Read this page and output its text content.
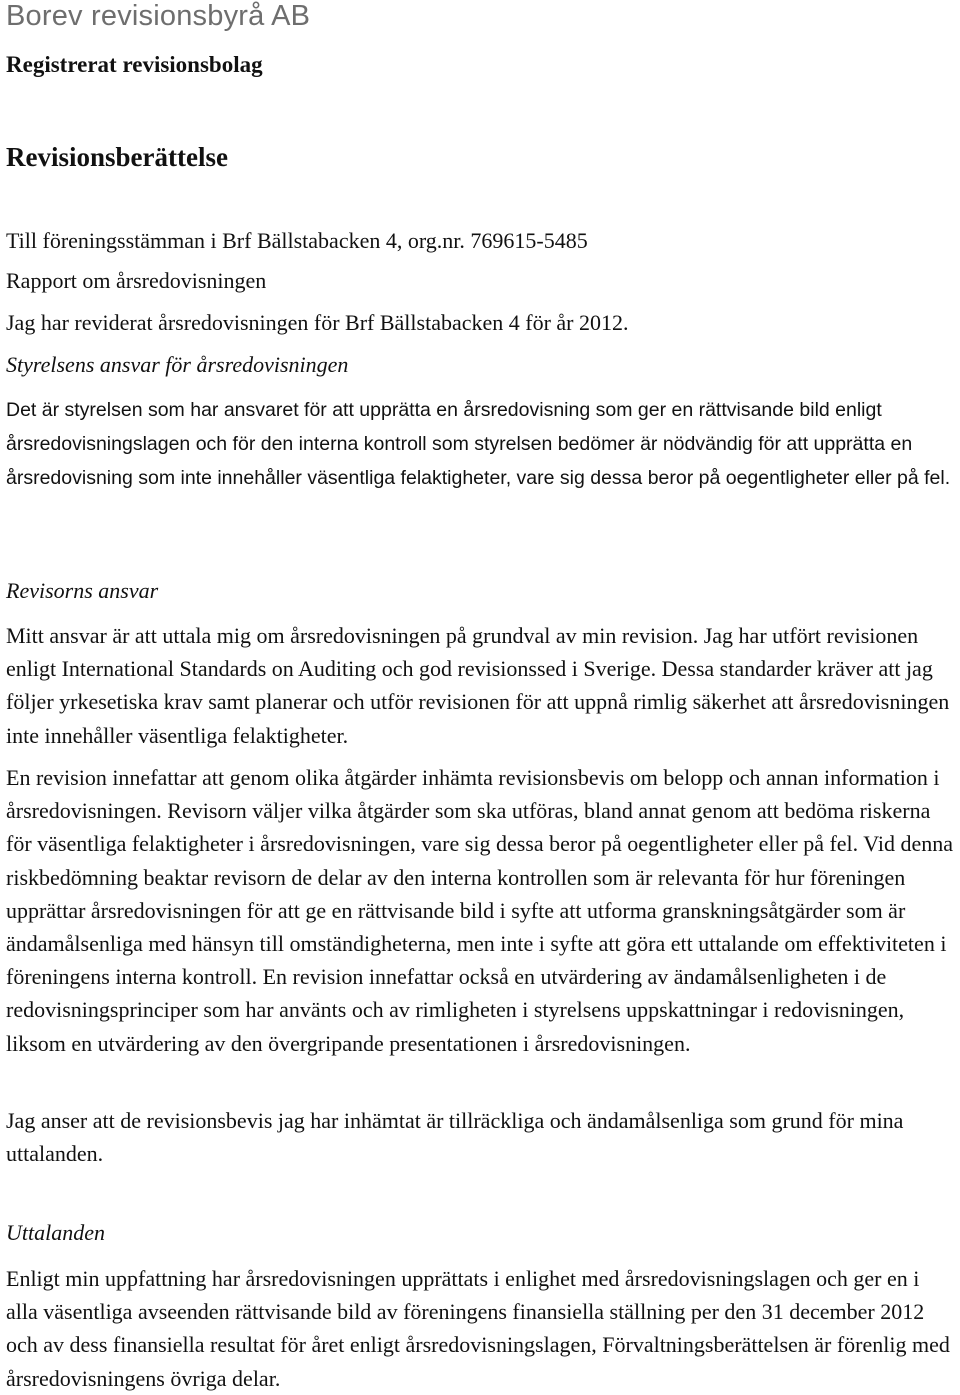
Borev revisionsbyrå AB
Registrerat revisionsbolag
Revisionsberättelse

Till föreningsstämman i Brf Bällstabacken 4, org.nr. 769615-5485

Rapport om årsredovisningen

Jag har reviderat årsredovisningen för Brf Bällstabacken 4 för år 2012.

Styrelsens ansvar för årsredovisningen

Det är styrelsen som har ansvaret för att upprätta en årsredovisning som ger en rättvisande bild enligt årsredovisningslagen och för den interna kontroll som styrelsen bedömer är nödvändig för att upprätta en årsredovisning som inte innehåller väsentliga felaktigheter, vare sig dessa beror på oegentligheter eller på fel.

Revisorns ansvar

Mitt ansvar är att uttala mig om årsredovisningen på grundval av min revision. Jag har utfört revisionen enligt International Standards on Auditing och god revisionssed i Sverige. Dessa standarder kräver att jag följer yrkesetiska krav samt planerar och utför revisionen för att uppnå rimlig säkerhet att årsredovisningen inte innehåller väsentliga felaktigheter.

En revision innefattar att genom olika åtgärder inhämta revisionsbevis om belopp och annan information i årsredovisningen. Revisorn väljer vilka åtgärder som ska utföras, bland annat genom att bedöma riskerna för väsentliga felaktigheter i årsredovisningen, vare sig dessa beror på oegentligheter eller på fel. Vid denna riskbedömning beaktar revisorn de delar av den interna kontrollen som är relevanta för hur föreningen upprättar årsredovisningen för att ge en rättvisande bild i syfte att utforma granskningsåtgärder som är ändamålsenliga med hänsyn till omständigheterna, men inte i syfte att göra ett uttalande om effektiviteten i föreningens interna kontroll. En revision innefattar också en utvärdering av ändamålsenligheten i de redovisningsprinciper som har använts och av rimligheten i styrelsens uppskattningar i redovisningen, liksom en utvärdering av den övergripande presentationen i årsredovisningen.

Jag anser att de revisionsbevis jag har inhämtat är tillräckliga och ändamålsenliga som grund för mina uttalanden.

Uttalanden

Enligt min uppfattning har årsredovisningen upprättats i enlighet med årsredovisningslagen och ger en i alla väsentliga avseenden rättvisande bild av föreningens finansiella ställning per den 31 december 2012 och av dess finansiella resultat för året enligt årsredovisningslagen, Förvaltningsberättelsen är förenlig med årsredovisningens övriga delar.
